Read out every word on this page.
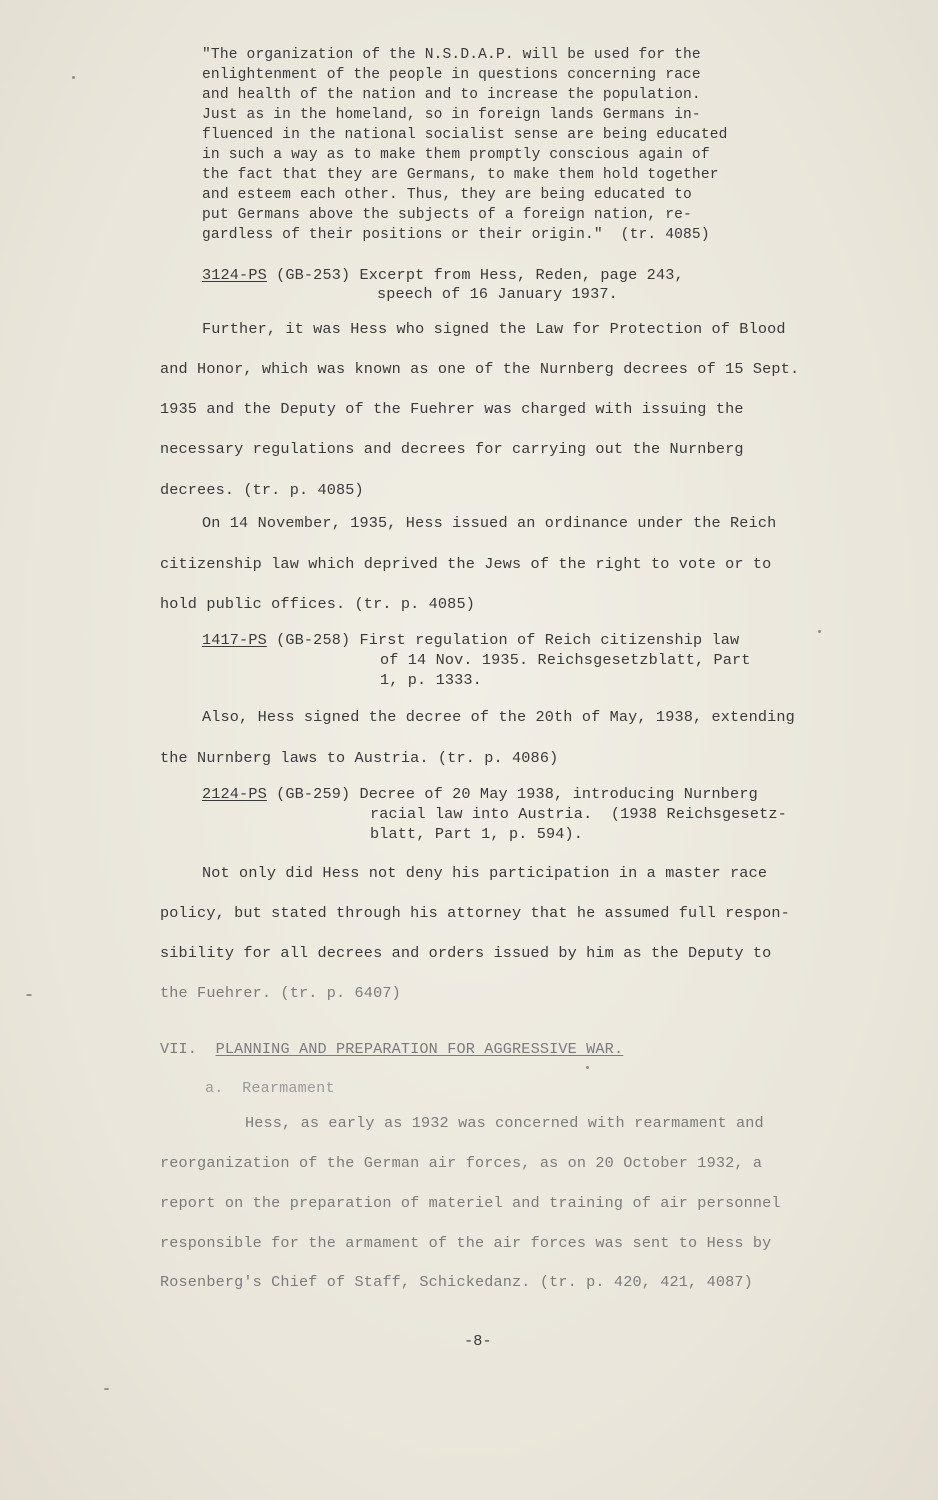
"The organization of the N.S.D.A.P. will be used for the
enlightenment of the people in questions concerning race
and health of the nation and to increase the population.
Just as in the homeland, so in foreign lands Germans in-
fluenced in the national socialist sense are being educated
in such a way as to make them promptly conscious again of
the fact that they are Germans, to make them hold together
and esteem each other. Thus, they are being educated to
put Germans above the subjects of a foreign nation, re-
gardless of their positions or their origin."  (tr. 4085)
3124-PS (GB-253) Excerpt from Hess, Reden, page 243,
speech of 16 January 1937.
Further, it was Hess who signed the Law for Protection of Blood
and Honor, which was known as one of the Nurnberg decrees of 15 Sept.
1935 and the Deputy of the Fuehrer was charged with issuing the
necessary regulations and decrees for carrying out the Nurnberg
decrees. (tr. p. 4085)
On 14 November, 1935, Hess issued an ordinance under the Reich
citizenship law which deprived the Jews of the right to vote or to
hold public offices. (tr. p. 4085)
1417-PS (GB-258) First regulation of Reich citizenship law
of 14 Nov. 1935. Reichsgesetzblatt, Part
1, p. 1333.
Also, Hess signed the decree of the 20th of May, 1938, extending
the Nurnberg laws to Austria. (tr. p. 4086)
2124-PS (GB-259) Decree of 20 May 1938, introducing Nurnberg
racial law into Austria.  (1938 Reichsgesetz-
blatt, Part 1, p. 594).
Not only did Hess not deny his participation in a master race
policy, but stated through his attorney that he assumed full respon-
sibility for all decrees and orders issued by him as the Deputy to
the Fuehrer. (tr. p. 6407)
VII. PLANNING AND PREPARATION FOR AGGRESSIVE WAR.
a. Rearmament
Hess, as early as 1932 was concerned with rearmament and
reorganization of the German air forces, as on 20 October 1932, a
report on the preparation of materiel and training of air personnel
responsible for the armament of the air forces was sent to Hess by
Rosenberg's Chief of Staff, Schickedanz. (tr. p. 420, 421, 4087)
-8-
